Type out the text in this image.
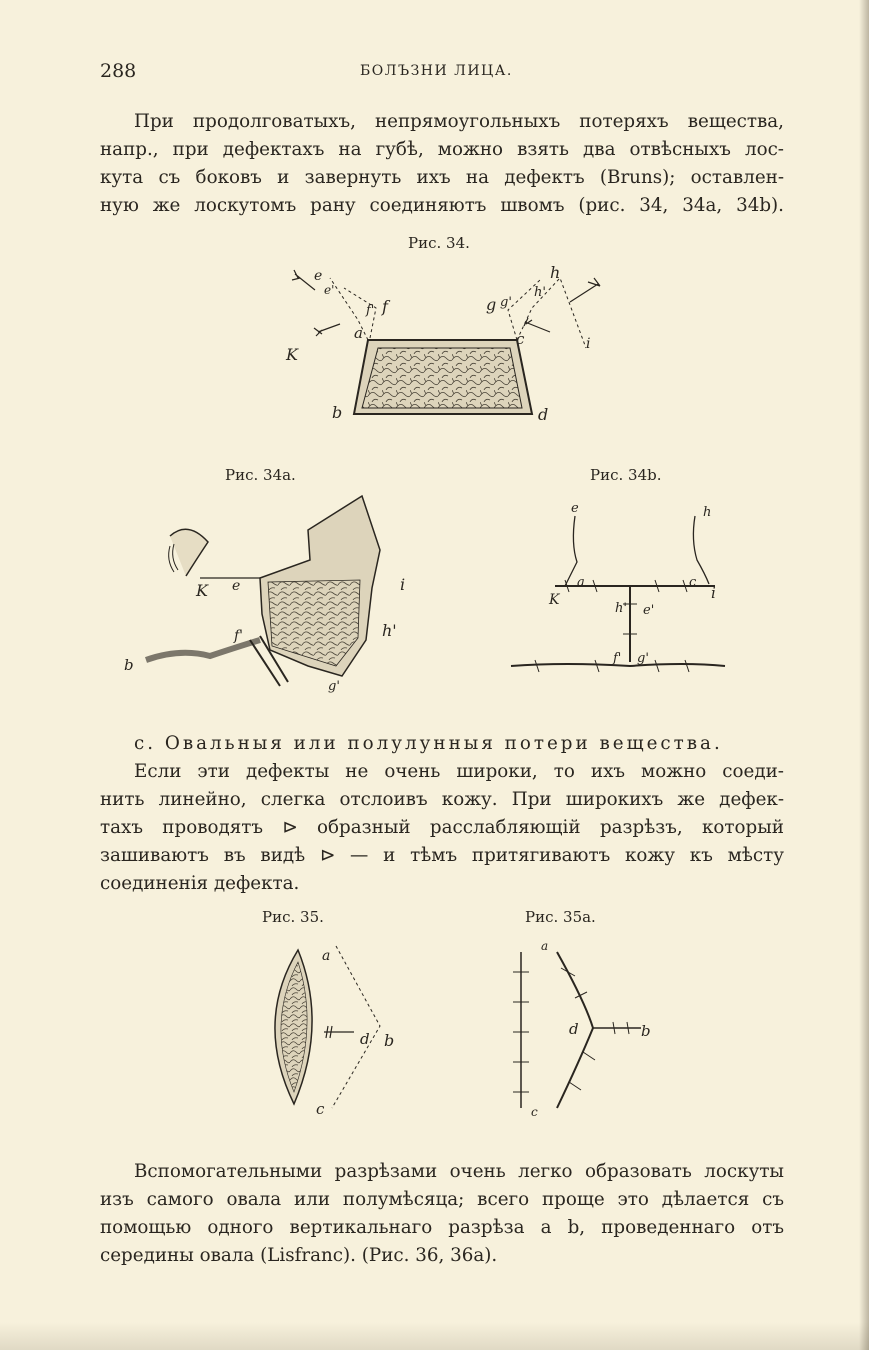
288	БОЛЪЗНИ ЛИЦА.
При продолговатыхъ, непрямоугольныхъ потеряхъ вещества,
напр., при дефектахъ на губѣ, можно взять два отвѣсныхъ лос-
кута съ боковъ и завернуть ихъ на дефектъ (Bruns); оставлен-
ную же лоскутомъ рану соединяютъ швомъ (рис. 34, 34a, 34b).
Рис. 34.
e
e'
f
f'
a
K
b	d
c
g g'
h
h'
i
Рис. 34a.
K e	i
f'	h'
b
g'
Рис. 34b.
e	h
K
a	c
i
h' e'
f' g'
c. Овальныя или полулунныя потери вещества.
Если эти дефекты не очень широки, то ихъ можно соеди-
нить линейно, слегка отслоивъ кожу. При широкихъ же дефек-
тахъ проводятъ ⊳ образный расслабляющій разрѣзъ, который
зашиваютъ въ видѣ ⊳ — и тѣмъ притягиваютъ кожу къ мѣсту
соединенія дефекта.
Рис. 35.
a
d b
c
Рис. 35a.
a
d	b
c
Вспомогательными разрѣзами очень легко образовать лоскуты
изъ самого овала или полумѣсяца; всего проще это дѣлается съ
помощью одного вертикальнаго разрѣза a b, проведеннаго отъ
середины овала (Lisfranc). (Рис. 36, 36a).
